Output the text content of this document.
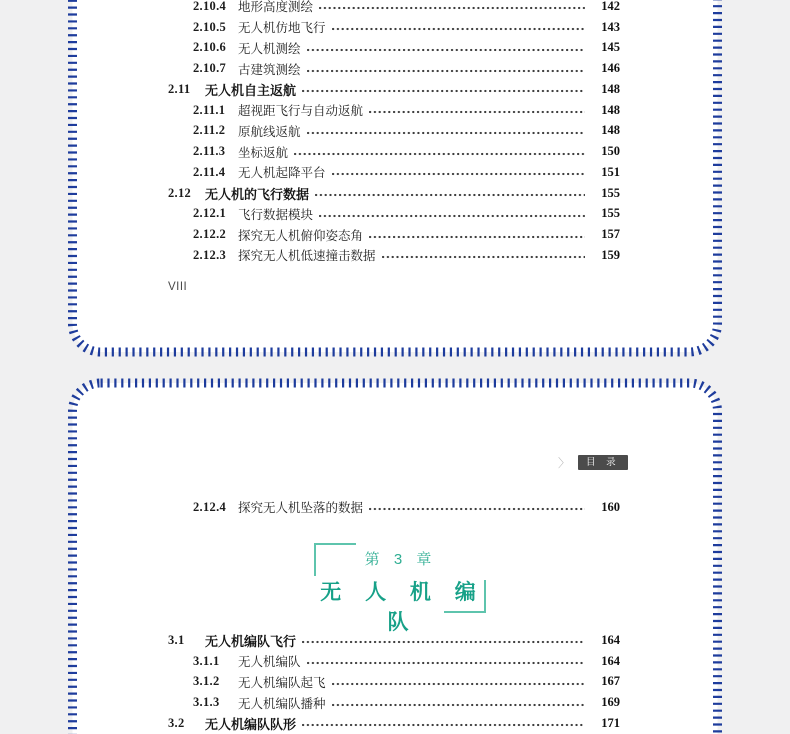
2.10.4 地形高度测绘	142
2.10.5 无人机仿地飞行	143
2.10.6 无人机测绘	145
2.10.7 古建筑测绘	146
2.11	无人机自主返航	148
2.11.1	超视距飞行与自动返航	148
2.11.2	原航线返航	148
2.11.3	坐标返航	150
2.11.4	无人机起降平台	151
2.12	无人机的飞行数据	155
2.12.1 飞行数据模块	155
2.12.2 探究无人机俯仰姿态角	157
2.12.3 探究无人机低速撞击数据	159
VIII
〉	目 录
2.12.4 探究无人机坠落的数据	160
第 3 章
无 人 机 编 队
3.1	无人机编队飞行	164
3.1.1	无人机编队	164
3.1.2	无人机编队起飞	167
3.1.3	无人机编队播种	169
3.2	无人机编队队形	171
